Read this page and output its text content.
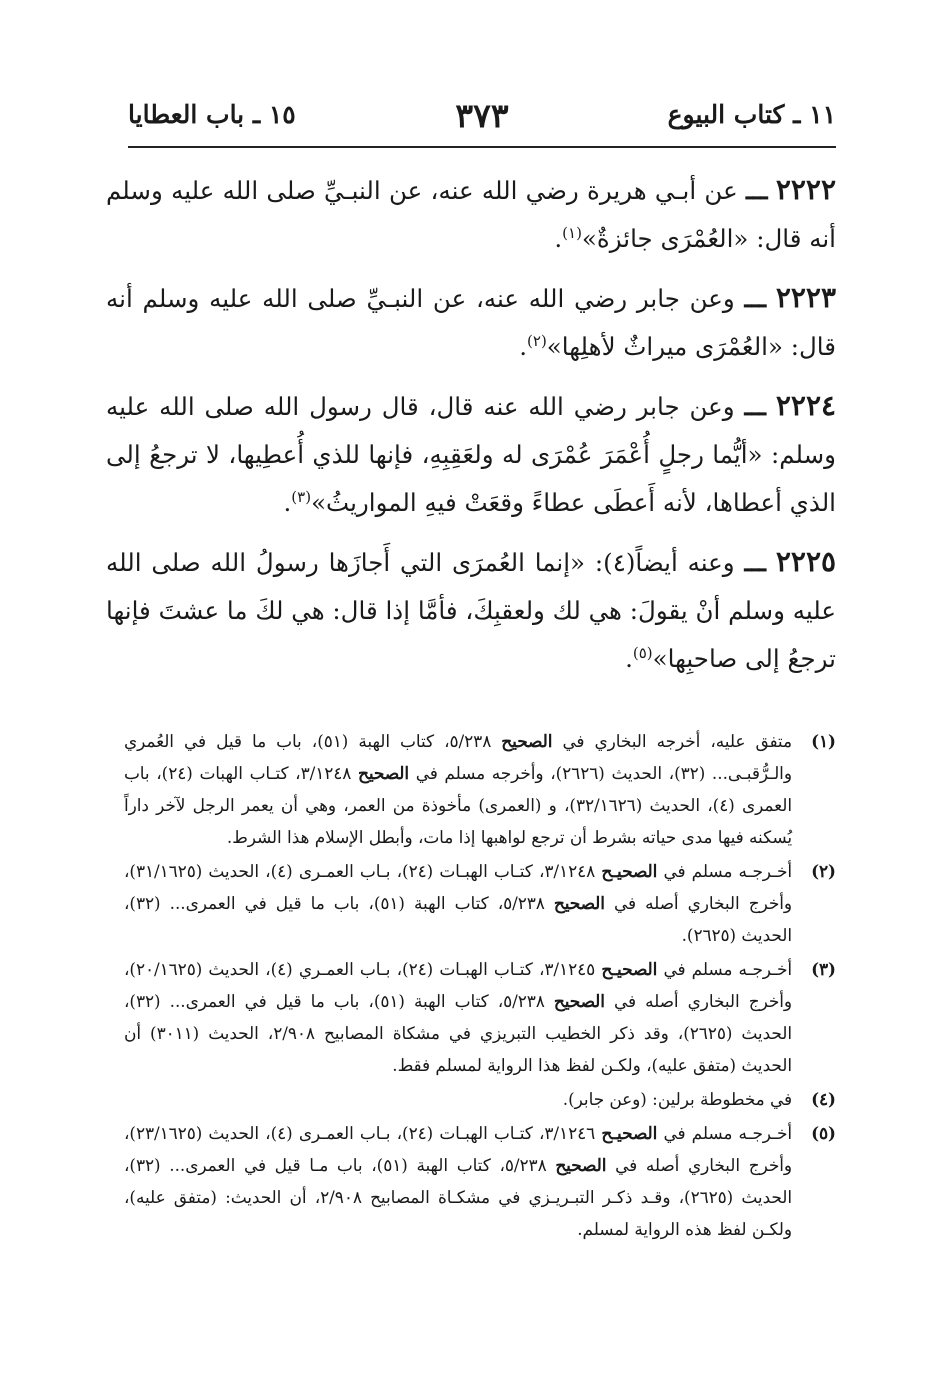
١١ ـ كتاب البيوع
٣٧٣
١٥ ـ باب العطايا

٢٢٢٢ ـــ عن أبـي هريرة رضي الله عنه، عن النبـيِّ صلى الله عليه وسلم أنه قال: «العُمْرَى جائزةٌ»$^{(١)}$.

٢٢٢٣ ـــ وعن جابر رضي الله عنه، عن النبـيِّ صلى الله عليه وسلم أنه قال: «العُمْرَى ميراثٌ لأهلِها»$^{(٢)}$.

٢٢٢٤ ـــ وعن جابر رضي الله عنه قال، قال رسول الله صلى الله عليه وسلم: «أيُّما رجلٍ أُعْمَرَ عُمْرَى له ولعَقِبِهِ، فإنها للذي أُعطِيها، لا ترجعُ إلى الذي أعطاها، لأنه أَعطَى عطاءً وقعَتْ فيهِ المواريثُ»$^{(٣)}$.

٢٢٢٥ ـــ وعنه أيضاً(٤): «إنما العُمرَى التي أَجازَها رسولُ الله صلى الله عليه وسلم أنْ يقولَ: هي لك ولعقبِكَ، فأمَّا إذا قال: هي لكَ ما عشتَ فإنها ترجعُ إلى صاحبِها»$^{(٥)}$.

(١)
متفق عليه، أخرجه البخاري في الصحيح ٥/٢٣٨، كتاب الهبة (٥١)، باب ما قيل في العُمري والـرُّقبـى... (٣٢)، الحديث (٢٦٢٦)، وأخرجه مسلم في الصحيح ٣/١٢٤٨، كتـاب الهبات (٢٤)، باب العمرى (٤)، الحديث (٣٢/١٦٢٦)، و (العمرى) مأخوذة من العمر، وهي أن يعمر الرجل لآخر داراً يُسكنه فيها مدى حياته بشرط أن ترجع لواهبها إذا مات، وأبطل الإسلام هذا الشرط.

(٢)
أخـرجـه مسلم في الصحيـح ٣/١٢٤٨، كتـاب الهبـات (٢٤)، بـاب العمـرى (٤)، الحديث (٣١/١٦٢٥)، وأخرج البخاري أصله في الصحيح ٥/٢٣٨، كتاب الهبة (٥١)، باب ما قيل في العمرى... (٣٢)، الحديث (٢٦٢٥).

(٣)
أخـرجـه مسلم في الصحيـح ٣/١٢٤٥، كتـاب الهبـات (٢٤)، بـاب العمـري (٤)، الحديث (٢٠/١٦٢٥)، وأخرج البخاري أصله في الصحيح ٥/٢٣٨، كتاب الهبة (٥١)، باب ما قيل في العمرى... (٣٢)، الحديث (٢٦٢٥)، وقد ذكر الخطيب التبريزي في مشكاة المصابيح ٢/٩٠٨، الحديث (٣٠١١) أن الحديث (متفق عليه)، ولكـن لفظ هذا الرواية لمسلم فقط.

(٤)
في مخطوطة برلين: (وعن جابر).

(٥)
أخـرجـه مسلم في الصحيـح ٣/١٢٤٦، كتـاب الهبـات (٢٤)، بـاب العمـرى (٤)، الحديث (٢٣/١٦٢٥)، وأخرج البخاري أصله في الصحيح ٥/٢٣٨، كتاب الهبة (٥١)، باب مـا قيل في العمرى... (٣٢)، الحديث (٢٦٢٥)، وقـد ذكـر التبـريـزي في مشكـاة المصابيح ٢/٩٠٨، أن الحديث: (متفق عليه)، ولكـن لفظ هذه الرواية لمسلم.
